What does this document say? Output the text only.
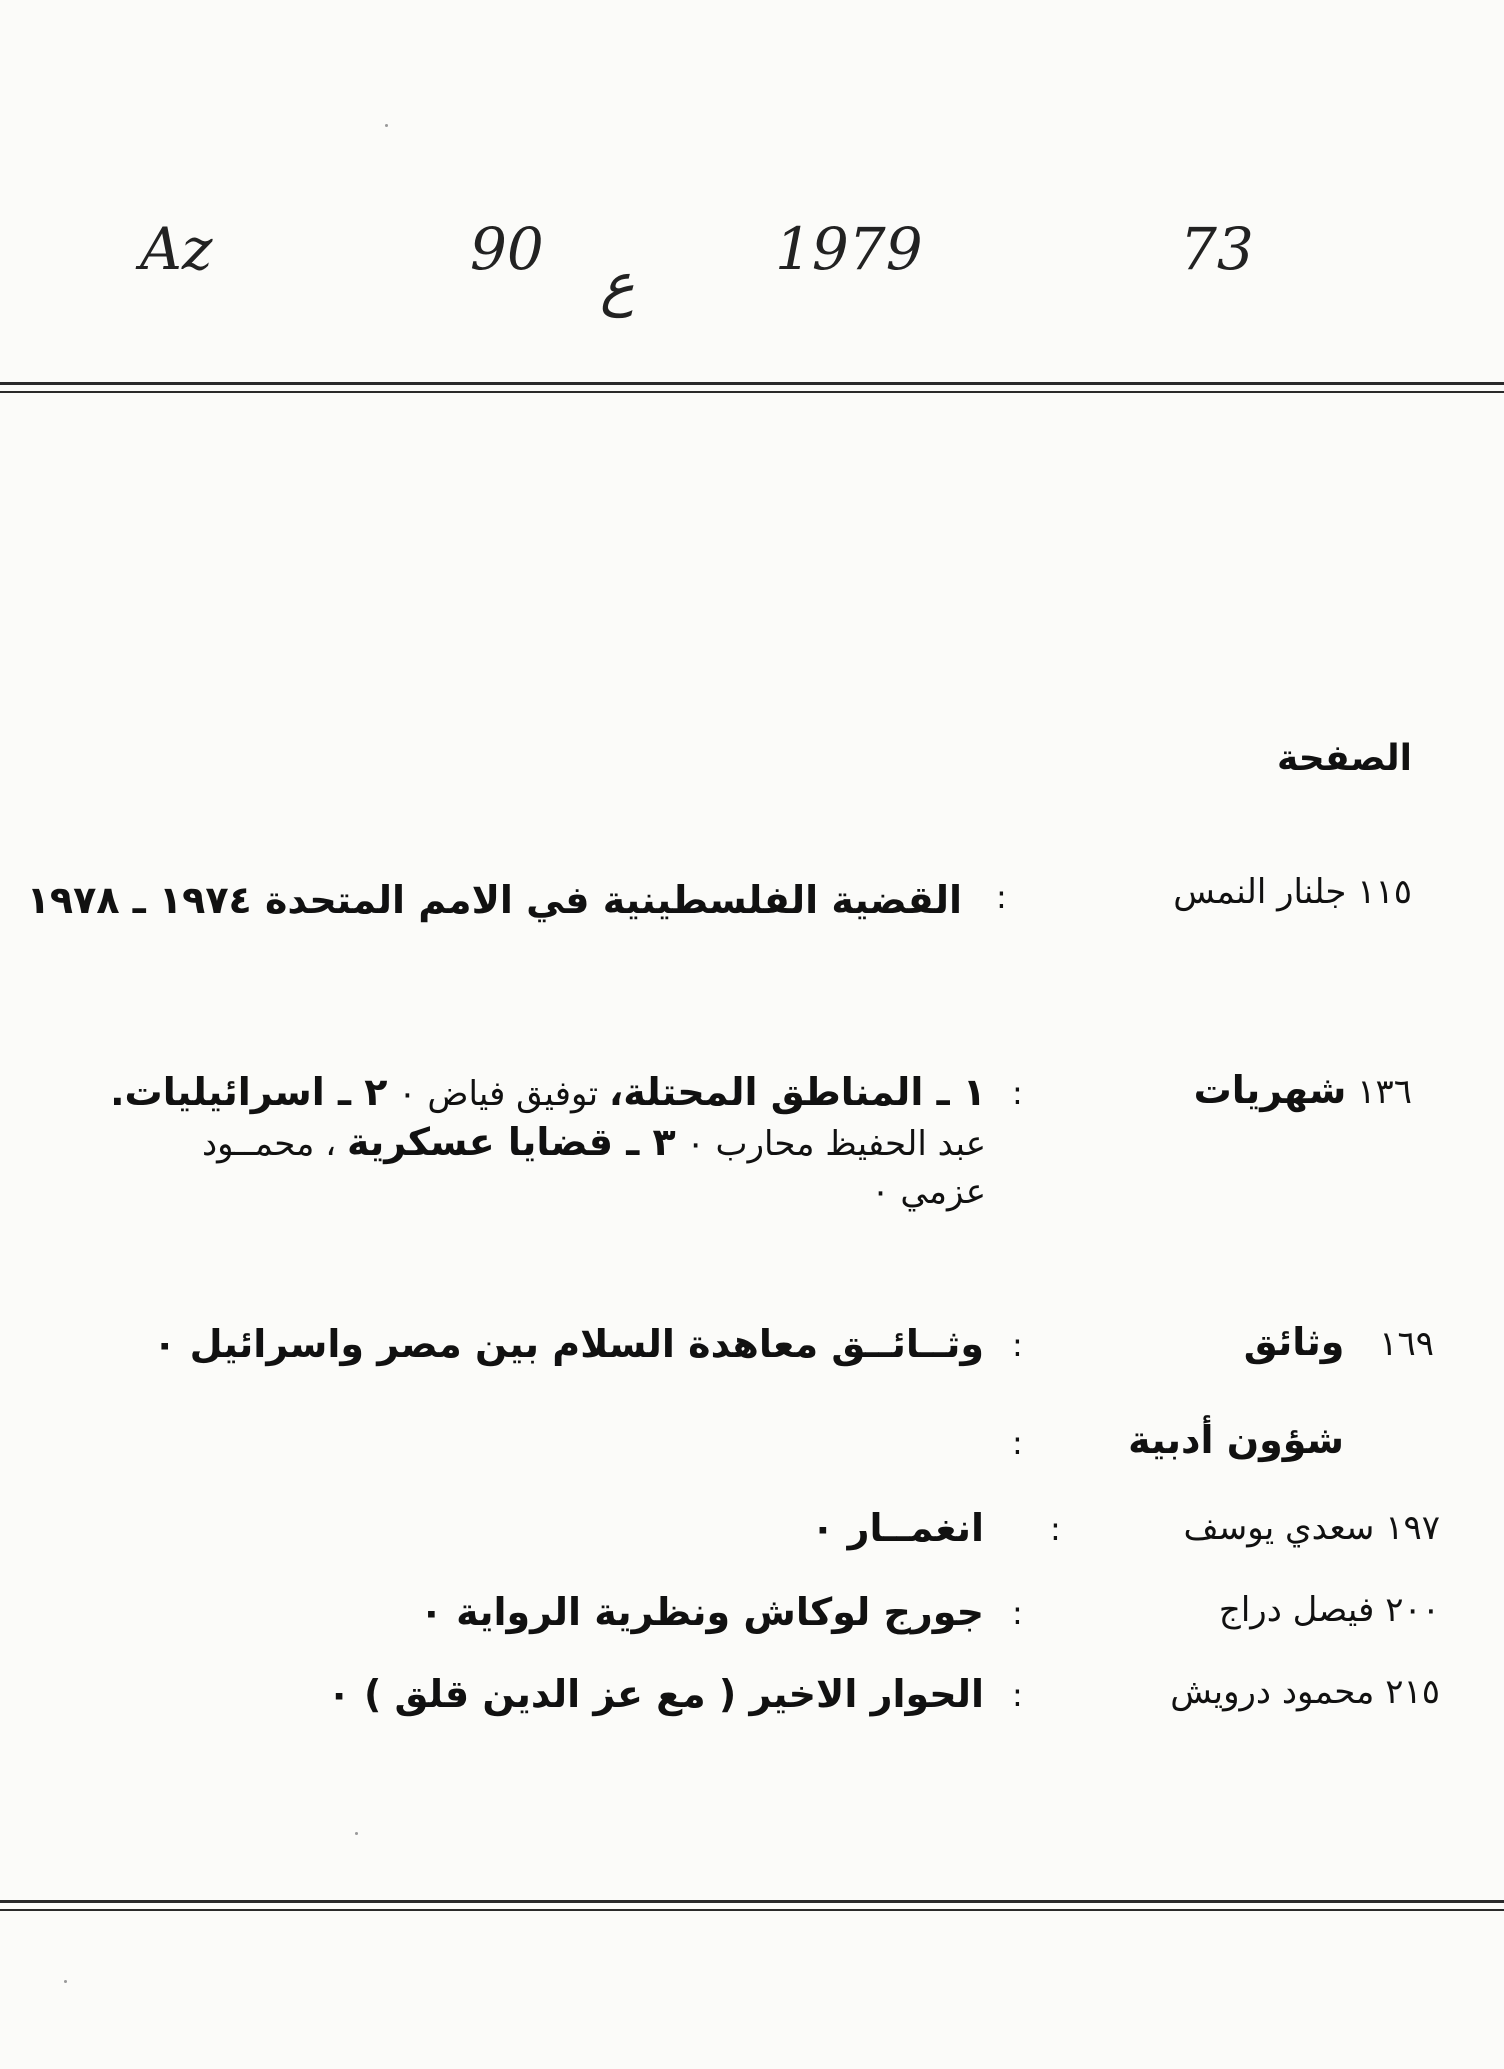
Az	90
ع
1979	73
الصفحة
١١٥ جلنار النمس
:
القضية الفلسطينية في الامم المتحدة ١٩٧٤ ـ ١٩٧٨
١٣٦ شهريات
:
١ ـ المناطق المحتلة، توفيق فياض ٠ ٢ ـ اسرائيليات.
عبد الحفيظ محارب ٠ ٣ ـ قضايا عسكرية ، محمــود
عزمي ٠
١٦٩ وثائق
:
وثــائــق معاهدة السلام بين مصر واسرائيل ٠
شؤون أدبية
:
١٩٧ سعدي يوسف
:
انغمــار ٠
٢٠٠ فيصل دراج
:
جورج لوكاش ونظرية الرواية ٠
٢١٥ محمود درويش
:
الحوار الاخير ( مع عز الدين قلق ) ٠
